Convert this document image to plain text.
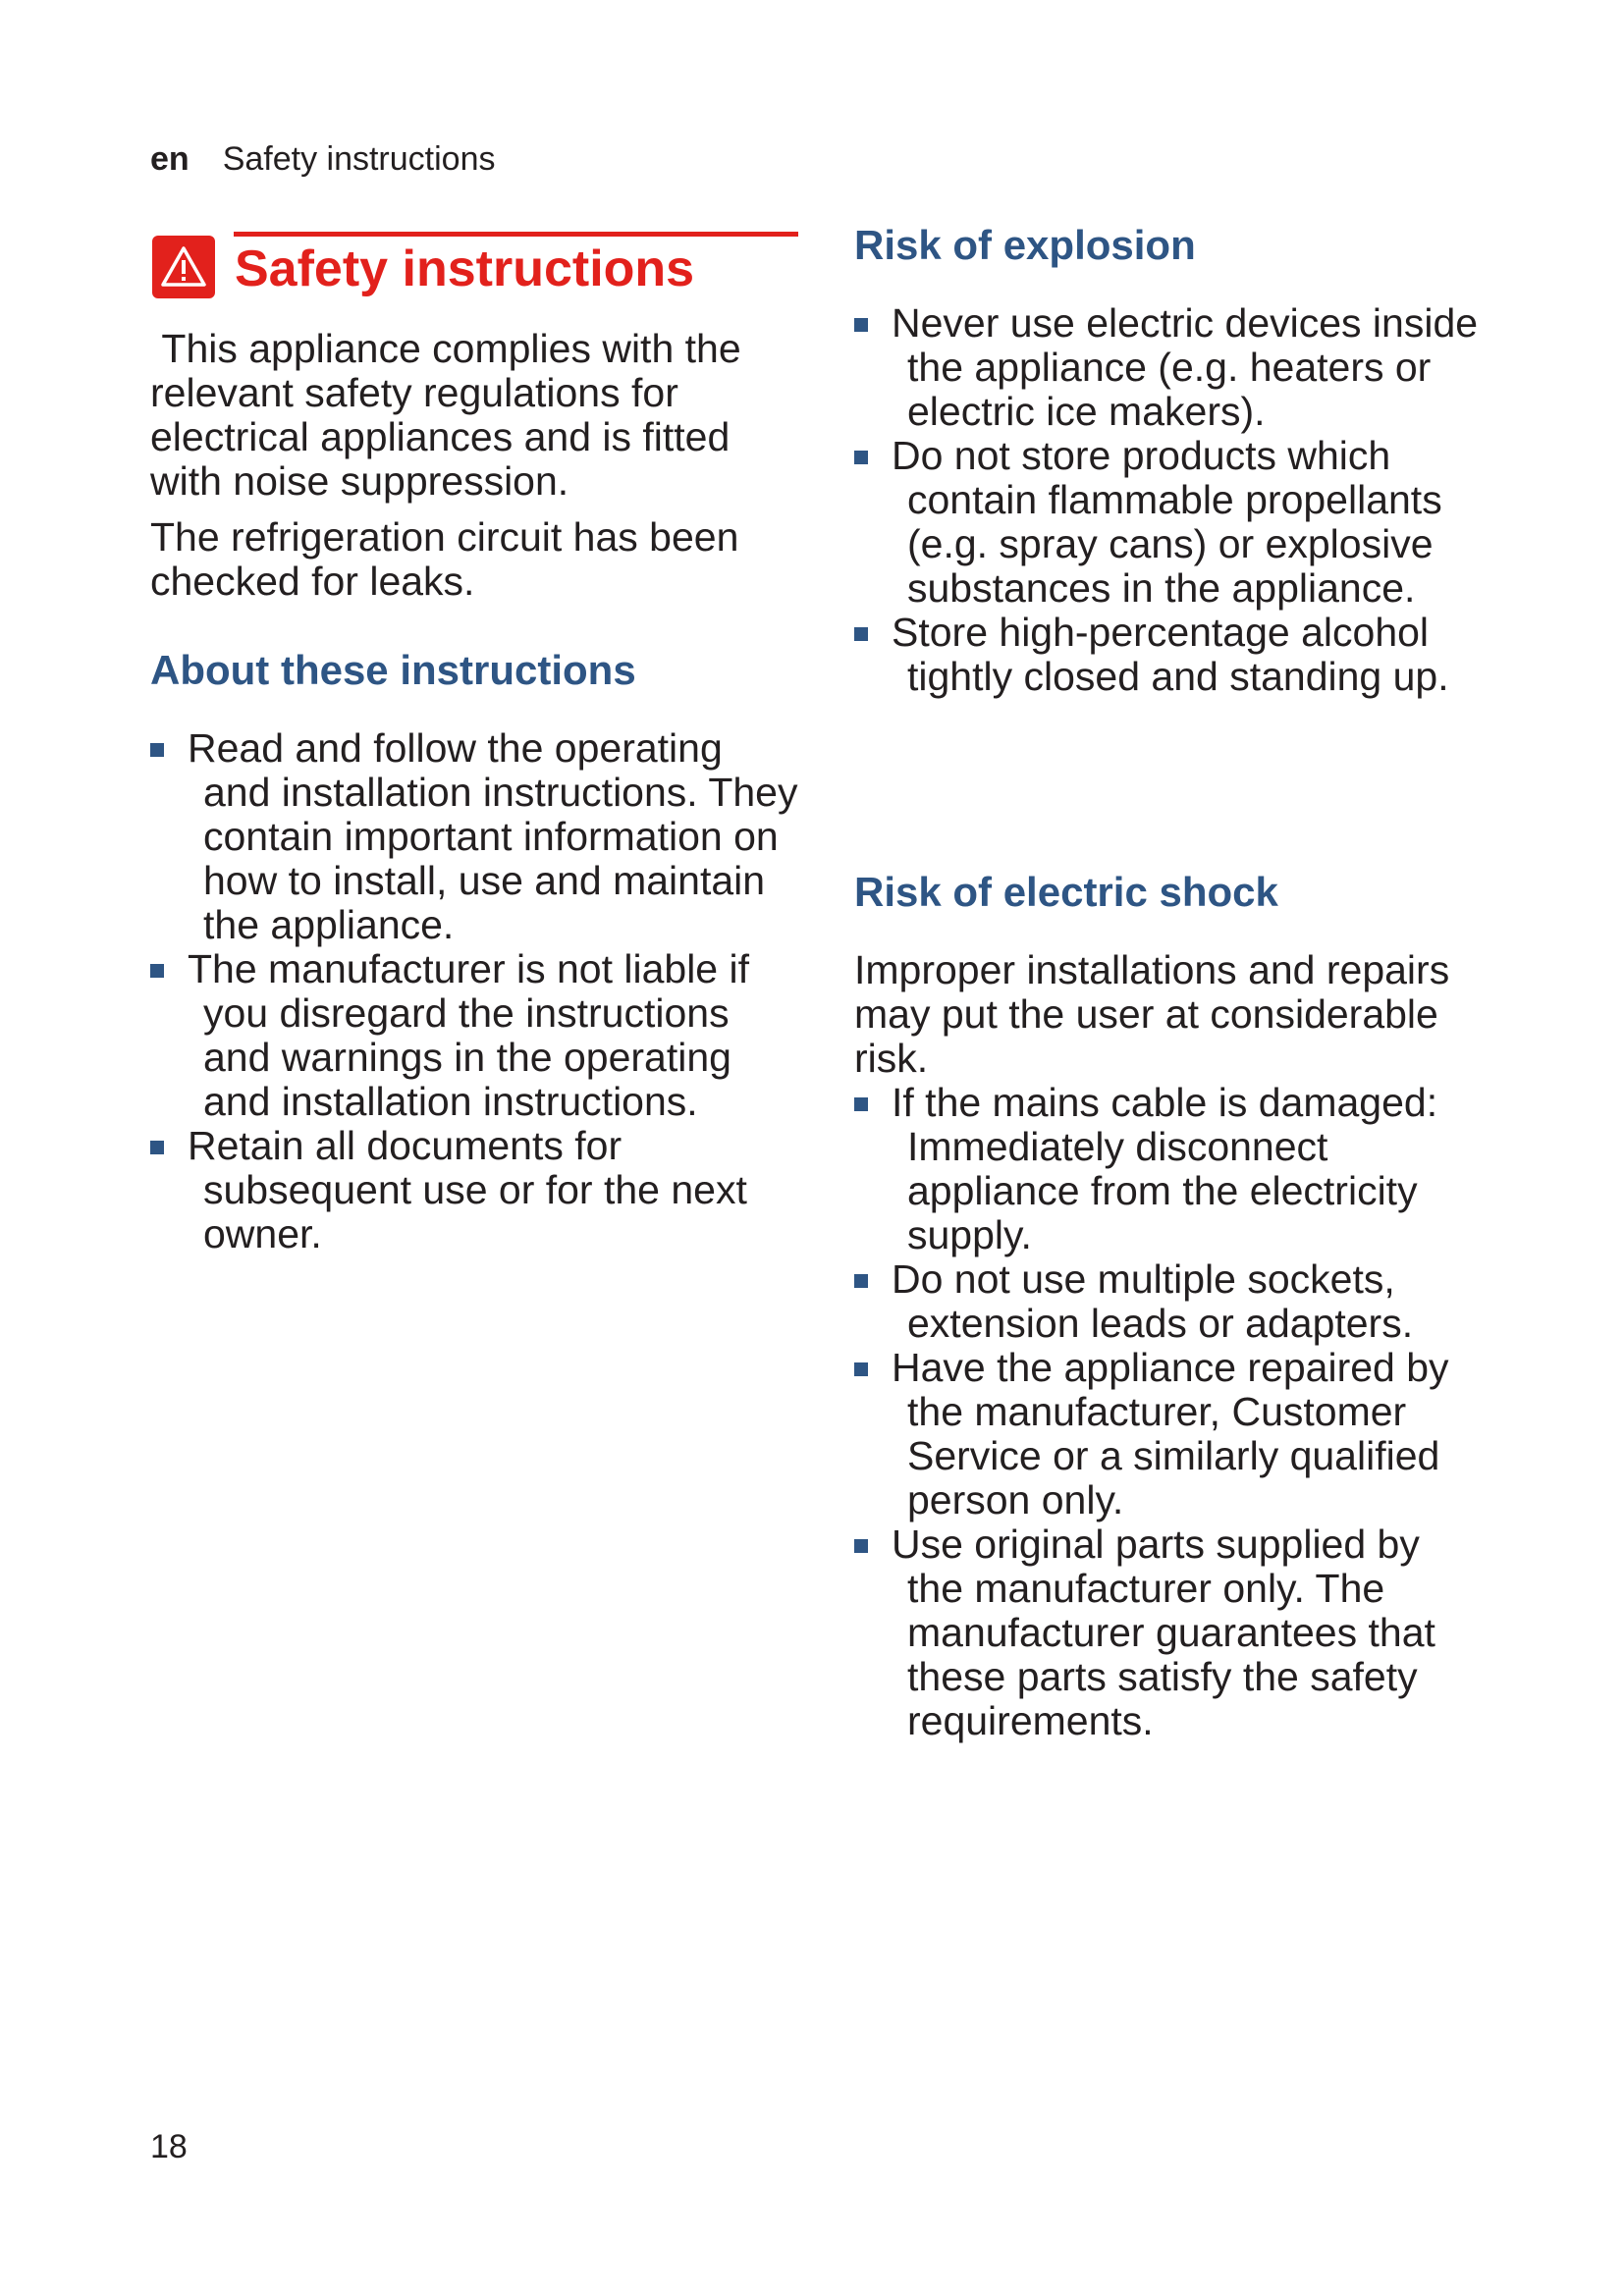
en Safety instructions
Safety instructions

This appliance complies with the relevant safety regulations for electrical appliances and is fitted with noise suppression.

The refrigeration circuit has been checked for leaks.

About these instructions
Read and follow the operating and installation instructions. They contain important information on how to install, use and maintain the appliance.
The manufacturer is not liable if you disregard the instructions and warnings in the operating and installation instructions.
Retain all documents for subsequent use or for the next owner.
Risk of explosion
Never use electric devices inside the appliance (e.g. heaters or electric ice makers).
Do not store products which contain flammable propellants (e.g. spray cans) or explosive substances in the appliance.
Store high-percentage alcohol tightly closed and standing up.
Risk of electric shock

Improper installations and repairs may put the user at considerable risk.

If the mains cable is damaged: Immediately disconnect appliance from the electricity supply.
Do not use multiple sockets, extension leads or adapters.
Have the appliance repaired by the manufacturer, Customer Service or a similarly qualified person only.
Use original parts supplied by the manufacturer only. The manufacturer guarantees that these parts satisfy the safety requirements.
18
